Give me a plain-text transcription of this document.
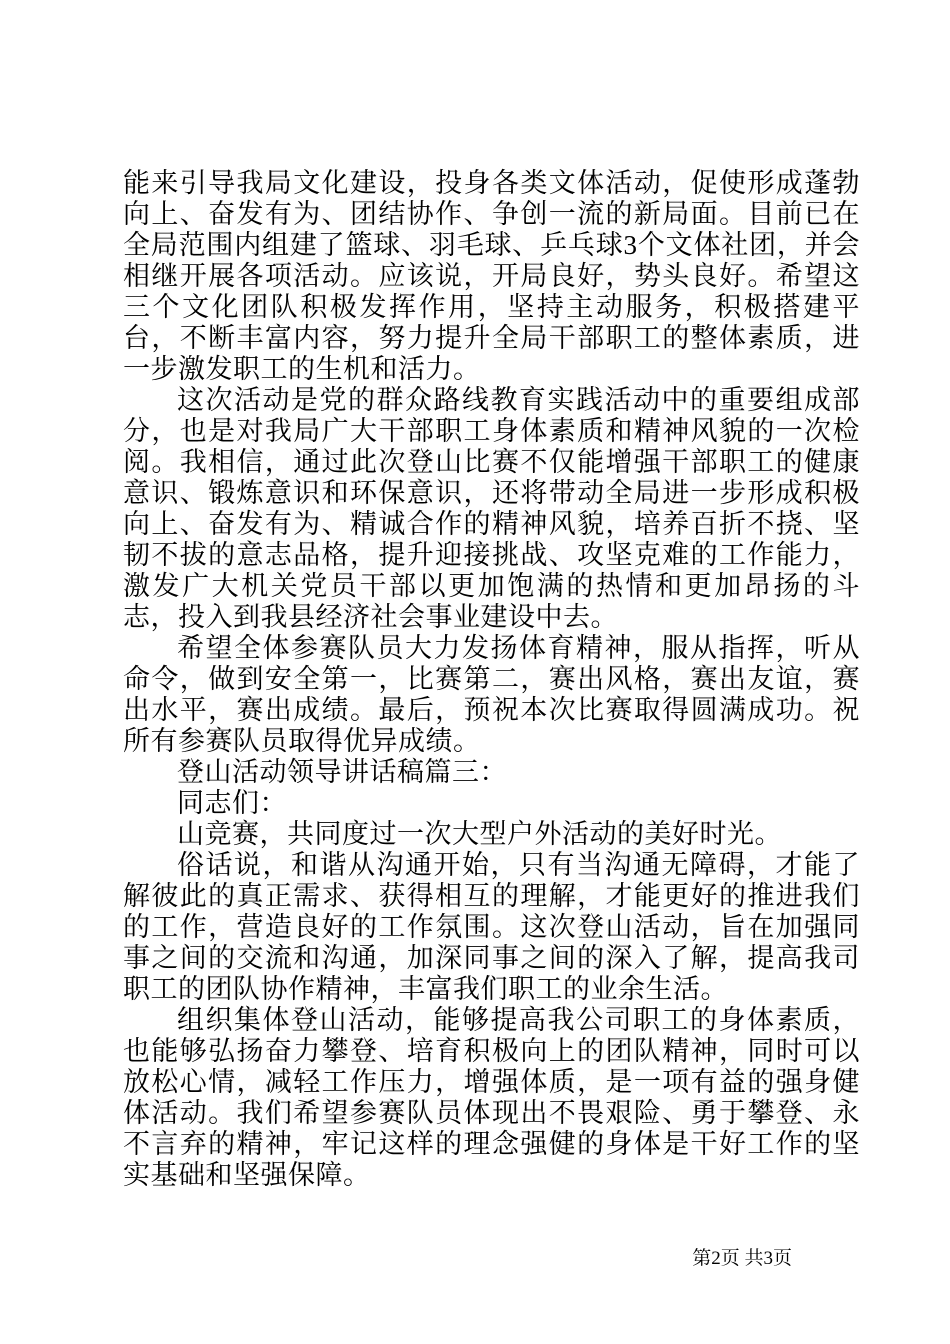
能来引导我局文化建设，投身各类文体活动，促使形成蓬勃向上、奋发有为、团结协作、争创一流的新局面。目前已在全局范围内组建了篮球、羽毛球、乒乓球3个文体社团，并会相继开展各项活动。应该说，开局良好，势头良好。希望这三个文化团队积极发挥作用，坚持主动服务，积极搭建平台，不断丰富内容，努力提升全局干部职工的整体素质，进一步激发职工的生机和活力。

这次活动是党的群众路线教育实践活动中的重要组成部分，也是对我局广大干部职工身体素质和精神风貌的一次检阅。我相信，通过此次登山比赛不仅能增强干部职工的健康意识、锻炼意识和环保意识，还将带动全局进一步形成积极向上、奋发有为、精诚合作的精神风貌，培养百折不挠、坚韧不拔的意志品格，提升迎接挑战、攻坚克难的工作能力，激发广大机关党员干部以更加饱满的热情和更加昂扬的斗志，投入到我县经济社会事业建设中去。

希望全体参赛队员大力发扬体育精神，服从指挥，听从命令，做到安全第一，比赛第二，赛出风格，赛出友谊，赛出水平，赛出成绩。最后，预祝本次比赛取得圆满成功。祝所有参赛队员取得优异成绩。

登山活动领导讲话稿篇三：

同志们：

山竞赛，共同度过一次大型户外活动的美好时光。

俗话说，和谐从沟通开始，只有当沟通无障碍，才能了解彼此的真正需求、获得相互的理解，才能更好的推进我们的工作，营造良好的工作氛围。这次登山活动，旨在加强同事之间的交流和沟通，加深同事之间的深入了解，提高我司职工的团队协作精神，丰富我们职工的业余生活。

组织集体登山活动，能够提高我公司职工的身体素质，也能够弘扬奋力攀登、培育积极向上的团队精神，同时可以放松心情，减轻工作压力，增强体质，是一项有益的强身健体活动。我们希望参赛队员体现出不畏艰险、勇于攀登、永不言弃的精神，牢记这样的理念强健的身体是干好工作的坚实基础和坚强保障。

第2页 共3页
